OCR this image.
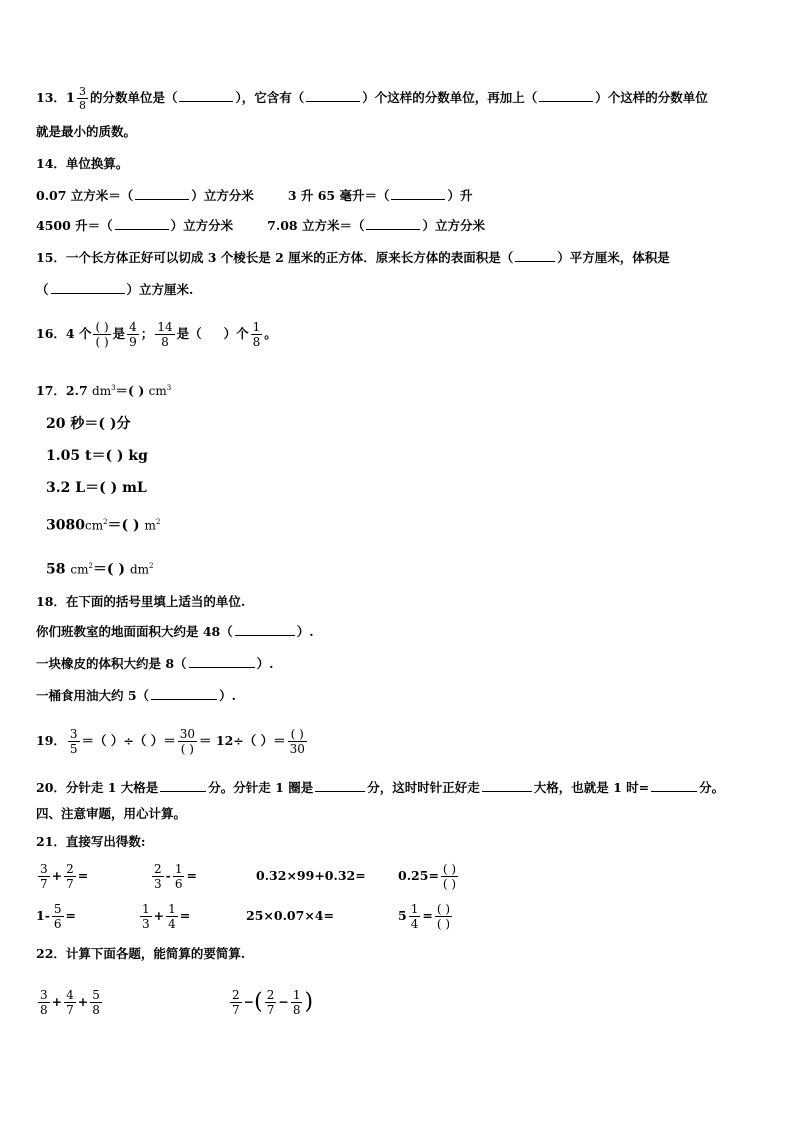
13．$1 \frac{3}{8}$ 的分数单位是（	），它含有（	）个这样的分数单位，再加上（	）个这样的分数单位
就是最小的质数。
14．单位换算。
0.07 立方米＝（	）立方分米	3 升 65 毫升＝（	）升
4500 升＝（	）立方分米	7.08 立方米＝（	）立方分米
15．一个长方体正好可以切成 3 个棱长是 2 厘米的正方体．原来长方体的表面积是（	）平方厘米，体积是
（	）立方厘米.
16．4 个 $\frac{( )}{( )}$ 是 $\frac{4}{9}$ ； $\frac{14}{8}$ 是（ ）个 $\frac{1}{8}$ 。
17．2.7 $dm^3=$( ) $cm^3$
20 秒＝( )分
1.05 t＝( ) kg
3.2 L＝( ) mL
$3080cm^2=$( ) $m^2$
58 $cm^2=$( ) $dm^2$
18．在下面的括号里填上适当的单位.
你们班教室的地面面积大约是 48（	）.
一块橡皮的体积大约是 8（	）.
一桶食用油大约 5（	）.
19． $\frac{3}{5}$ ＝（ ）÷（ ）＝ $\frac{30}{( )} = 12\div$（ ）＝ $\frac{( )}{30}$
20．分针走 1 大格是	分。分针走 1 圈是	分，这时时针正好走	大格，也就是 1 时=	分。
四、注意审题，用心计算。
21．直接写出得数:
$\frac{3}{7} + \frac{2}{7}$ =	$\frac{2}{3} - \frac{1}{6}$ =	0.32×99+0.32=	$0.25= \frac{( )}{( )}$
$1- \frac{5}{6}$ =	$\frac{1}{3} + \frac{1}{4}$ =	25×0.07×4=	$5 \frac{1}{4} = \frac{( )}{( )}$
22．计算下面各题，能简算的要简算.
$\frac{3}{8} + \frac{4}{7} + \frac{5}{8}$	$\frac{2}{7}$ −( $\frac{2}{7} - \frac{1}{8}$ )
